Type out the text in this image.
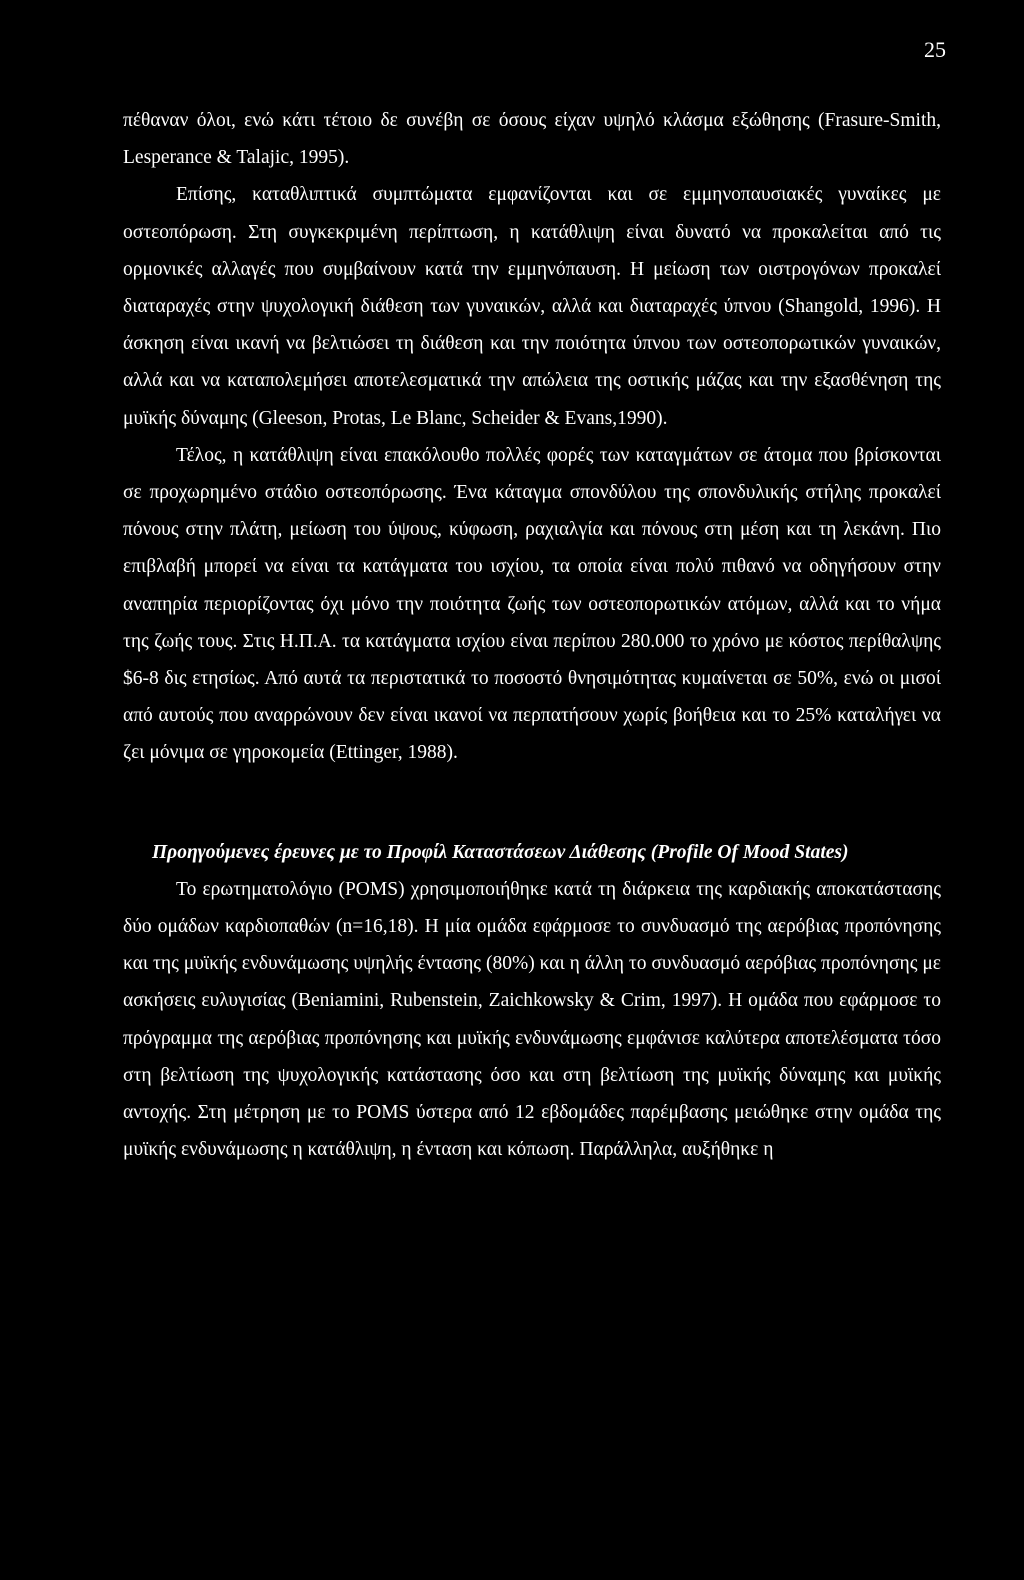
25

πέθαναν όλοι, ενώ κάτι τέτοιο δε συνέβη σε όσους είχαν υψηλό κλάσμα εξώθησης (Frasure-Smith, Lesperance & Talajic, 1995).

Επίσης, καταθλιπτικά συμπτώματα εμφανίζονται και σε εμμηνοπαυσιακές γυναίκες με οστεοπόρωση. Στη συγκεκριμένη περίπτωση, η κατάθλιψη είναι δυνατό να προκαλείται από τις ορμονικές αλλαγές που συμβαίνουν κατά την εμμηνόπαυση. Η μείωση των οιστρογόνων προκαλεί διαταραχές στην ψυχολογική διάθεση των γυναικών, αλλά και διαταραχές ύπνου (Shangold, 1996). Η άσκηση είναι ικανή να βελτιώσει τη διάθεση και την ποιότητα ύπνου των οστεοπορωτικών γυναικών, αλλά και να καταπολεμήσει αποτελεσματικά την απώλεια της οστικής μάζας και την εξασθένηση της μυϊκής δύναμης (Gleeson, Protas, Le Blanc, Scheider & Evans,1990).

Τέλος, η κατάθλιψη είναι επακόλουθο πολλές φορές των καταγμάτων σε άτομα που βρίσκονται σε προχωρημένο στάδιο οστεοπόρωσης. Ένα κάταγμα σπονδύλου της σπονδυλικής στήλης προκαλεί πόνους στην πλάτη, μείωση του ύψους, κύφωση, ραχιαλγία και πόνους στη μέση και τη λεκάνη. Πιο επιβλαβή μπορεί να είναι τα κατάγματα του ισχίου, τα οποία είναι πολύ πιθανό να οδηγήσουν στην αναπηρία περιορίζοντας όχι μόνο την ποιότητα ζωής των οστεοπορωτικών ατόμων, αλλά και το νήμα της ζωής τους. Στις Η.Π.Α. τα κατάγματα ισχίου είναι περίπου 280.000 το χρόνο με κόστος περίθαλψης $6-8 δις ετησίως. Από αυτά τα περιστατικά το ποσοστό θνησιμότητας κυμαίνεται σε 50%, ενώ οι μισοί από αυτούς που αναρρώνουν δεν είναι ικανοί να περπατήσουν χωρίς βοήθεια και το 25% καταλήγει να ζει μόνιμα σε γηροκομεία (Ettinger, 1988).

Προηγούμενες έρευνες με το Προφίλ Καταστάσεων Διάθεσης (Profile Of Mood States)

Το ερωτηματολόγιο (POMS) χρησιμοποιήθηκε κατά τη διάρκεια της καρδιακής αποκατάστασης δύο ομάδων καρδιοπαθών (n=16,18). Η μία ομάδα εφάρμοσε το συνδυασμό της αερόβιας προπόνησης και της μυϊκής ενδυνάμωσης υψηλής έντασης (80%) και η άλλη το συνδυασμό αερόβιας προπόνησης με ασκήσεις ευλυγισίας (Beniamini, Rubenstein, Zaichkowsky & Crim, 1997). Η ομάδα που εφάρμοσε το πρόγραμμα της αερόβιας προπόνησης και μυϊκής ενδυνάμωσης εμφάνισε καλύτερα αποτελέσματα τόσο στη βελτίωση της ψυχολογικής κατάστασης όσο και στη βελτίωση της μυϊκής δύναμης και μυϊκής αντοχής. Στη μέτρηση με το POMS ύστερα από 12 εβδομάδες παρέμβασης μειώθηκε στην ομάδα της μυϊκής ενδυνάμωσης η κατάθλιψη, η ένταση και κόπωση. Παράλληλα, αυξήθηκε η
